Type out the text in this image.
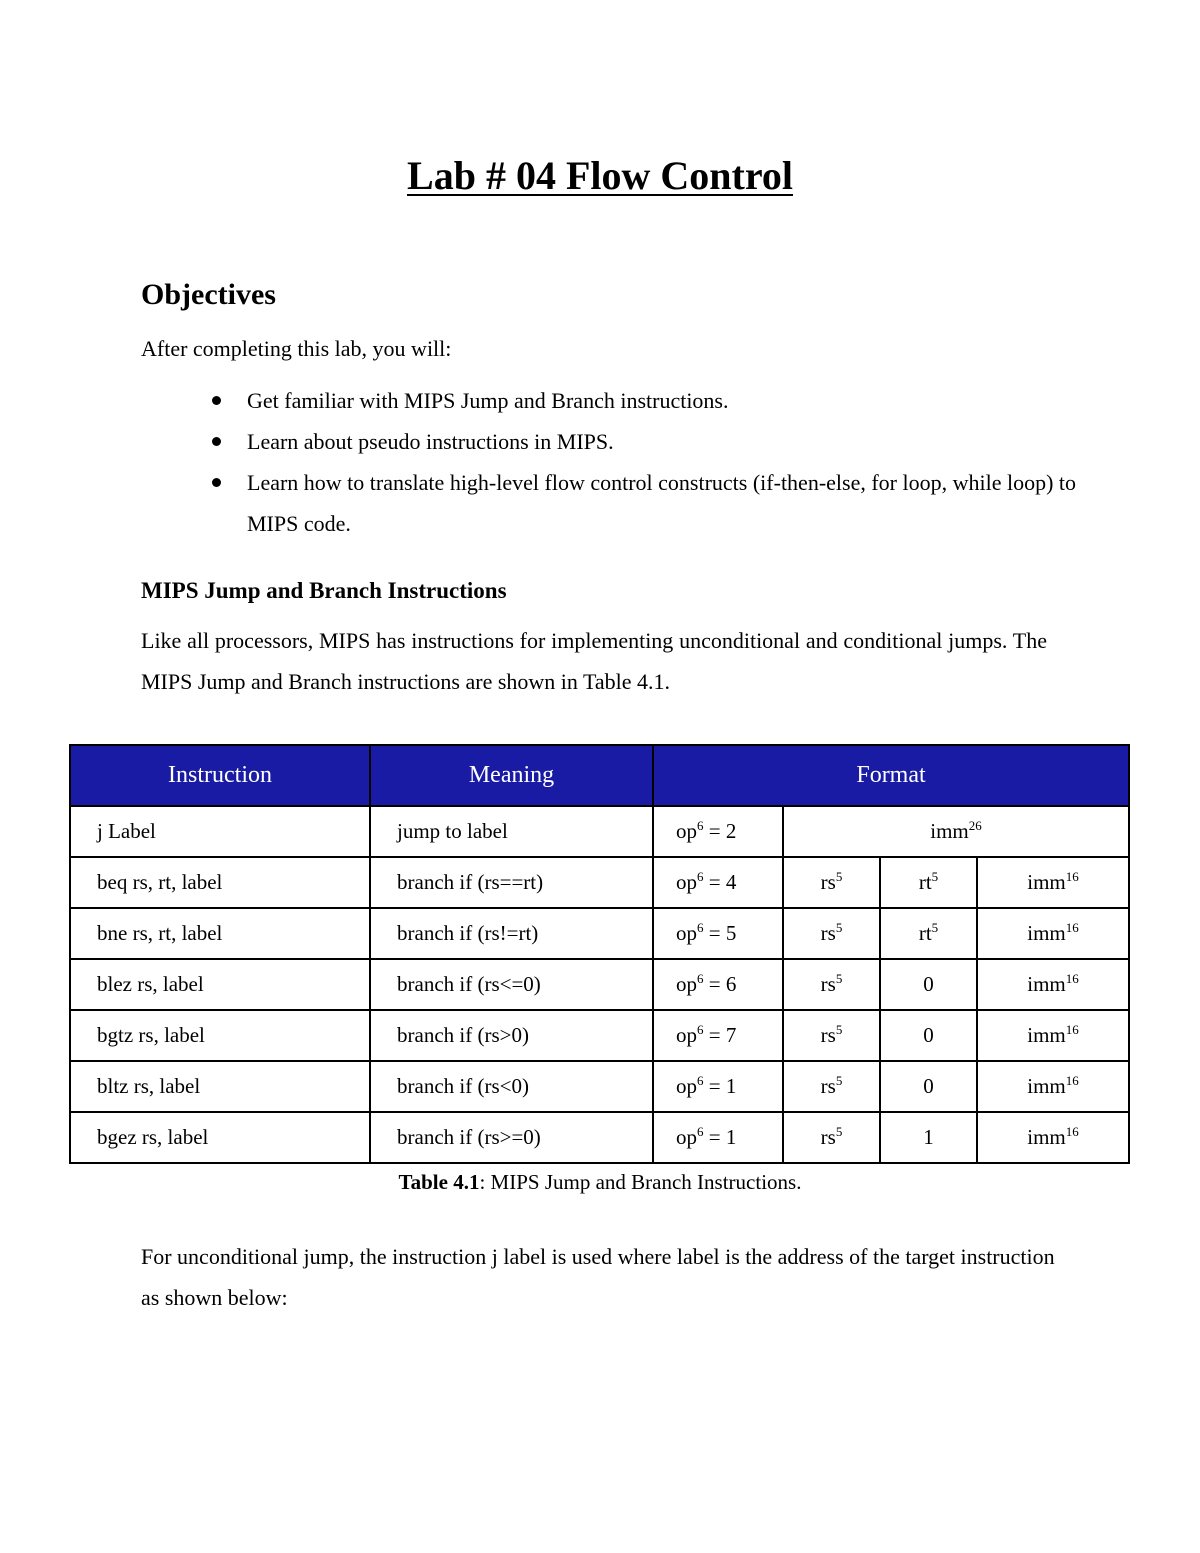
Lab # 04 Flow Control
Objectives
After completing this lab, you will:
Get familiar with MIPS Jump and Branch instructions.
Learn about pseudo instructions in MIPS.
Learn how to translate high-level flow control constructs (if-then-else, for loop, while loop) to MIPS code.
MIPS Jump and Branch Instructions
Like all processors, MIPS has instructions for implementing unconditional and conditional jumps. The MIPS Jump and Branch instructions are shown in Table 4.1.
Instruction	Meaning	Format			
j Label	jump to label	$op^6 = 2$	imm$^{26}$
beq rs, rt, label	branch if (rs==rt)	$op^6 = 4$	$rs^5$	$rt^5$	imm$^{16}$
bne rs, rt, label	branch if (rs!=rt)	$op^6 = 5$	$rs^5$	$rt^5$	imm$^{16}$
blez rs, label	branch if (rs<=0)	$op^6 = 6$	$rs^5$	0	imm$^{16}$
bgtz rs, label	branch if (rs>0)	$op^6 = 7$	$rs^5$	0	imm$^{16}$
bltz rs, label	branch if (rs<0)	$op^6 = 1$	$rs^5$	0	imm$^{16}$
bgez rs, label	branch if (rs>=0)	$op^6 = 1$	$rs^5$	1	imm$^{16}$
Table 4.1: MIPS Jump and Branch Instructions.
For unconditional jump, the instruction j label is used where label is the address of the target instruction as shown below:
